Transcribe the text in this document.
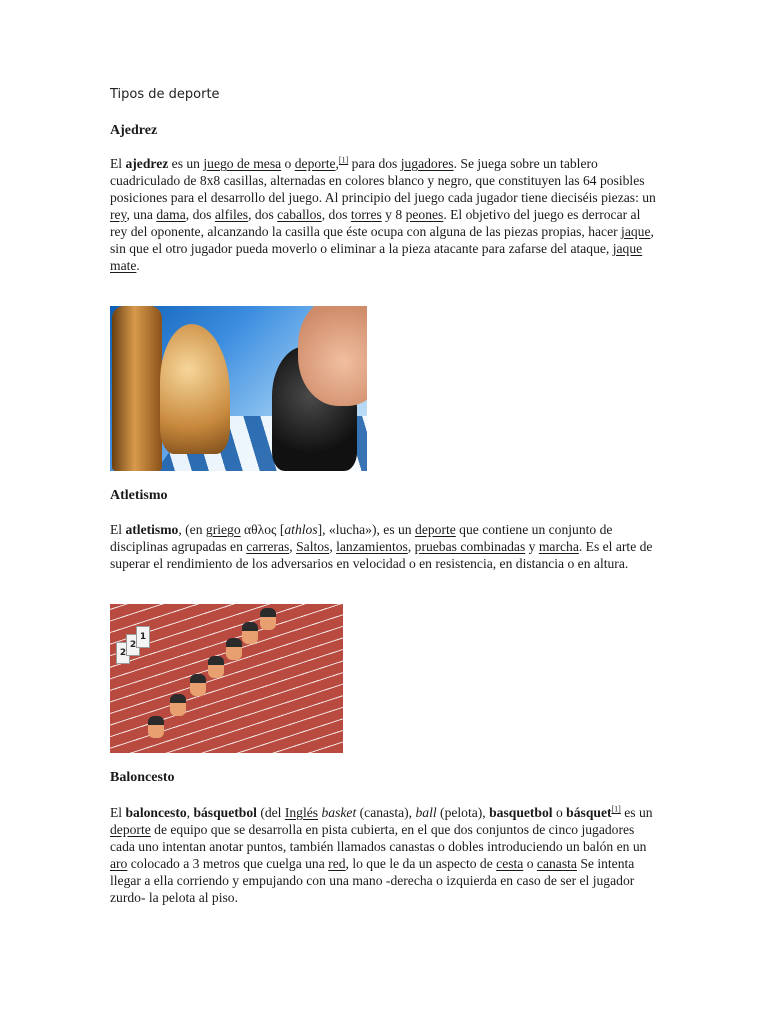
Tipos de deporte
Ajedrez

El ajedrez es un juego de mesa o deporte,[1] para dos jugadores. Se juega sobre un tablero cuadriculado de 8x8 casillas, alternadas en colores blanco y negro, que constituyen las 64 posibles posiciones para el desarrollo del juego. Al principio del juego cada jugador tiene dieciséis piezas: un rey, una dama, dos alfiles, dos caballos, dos torres y 8 peones. El objetivo del juego es derrocar al rey del oponente, alcanzando la casilla que éste ocupa con alguna de las piezas propias, hacer jaque, sin que el otro jugador pueda moverlo o eliminar a la pieza atacante para zafarse del ataque, jaque mate.

Atletismo

El atletismo, (en griego αθλος [athlos], «lucha»), es un deporte que contiene un conjunto de disciplinas agrupadas en carreras, Saltos, lanzamientos, pruebas combinadas y marcha. Es el arte de superar el rendimiento de los adversarios en velocidad o en resistencia, en distancia o en altura.

2
2
1
Baloncesto

El baloncesto, básquetbol (del Inglés basket (canasta), ball (pelota), basquetbol o básquet[1] es un deporte de equipo que se desarrolla en pista cubierta, en el que dos conjuntos de cinco jugadores cada uno intentan anotar puntos, también llamados canastas o dobles introduciendo un balón en un aro colocado a 3 metros que cuelga una red, lo que le da un aspecto de cesta o canasta Se intenta llegar a ella corriendo y empujando con una mano -derecha o izquierda en caso de ser el jugador zurdo- la pelota al piso.
